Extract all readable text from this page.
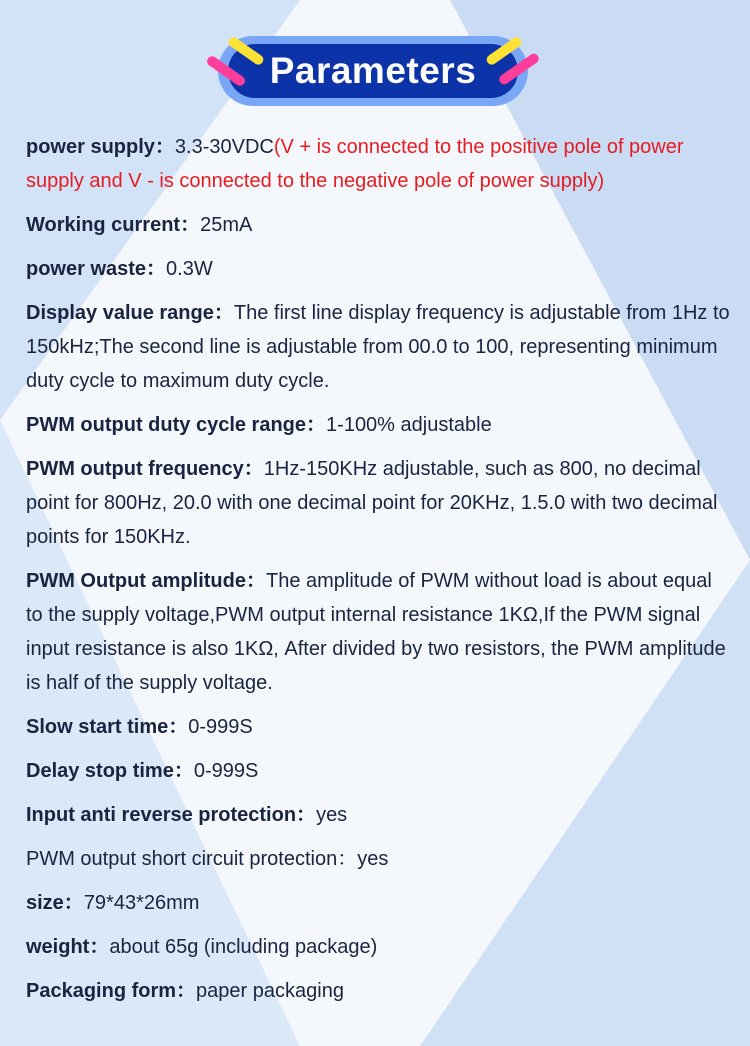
Parameters
power supply：3.3-30VDC(V + is connected to the positive pole of power supply and V - is connected to the negative pole of power supply)
Working current：25mA
power waste：0.3W
Display value range：The first line display frequency is adjustable from 1Hz to 150kHz;The second line is adjustable from 00.0 to 100, representing minimum duty cycle to maximum duty cycle.
PWM output duty cycle range：1-100% adjustable
PWM output frequency：1Hz-150KHz adjustable, such as 800, no decimal point for 800Hz, 20.0 with one decimal point for 20KHz, 1.5.0 with two decimal points for 150KHz.
PWM Output amplitude：The amplitude of PWM without load is about equal to the supply voltage,PWM output internal resistance 1KΩ,If the PWM signal input resistance is also 1KΩ, After divided by two resistors, the PWM amplitude is half of the supply voltage.
Slow start time：0-999S
Delay stop time：0-999S
Input anti reverse protection：yes
PWM output short circuit protection：yes
size：79*43*26mm
weight：about 65g (including package)
Packaging form：paper packaging
